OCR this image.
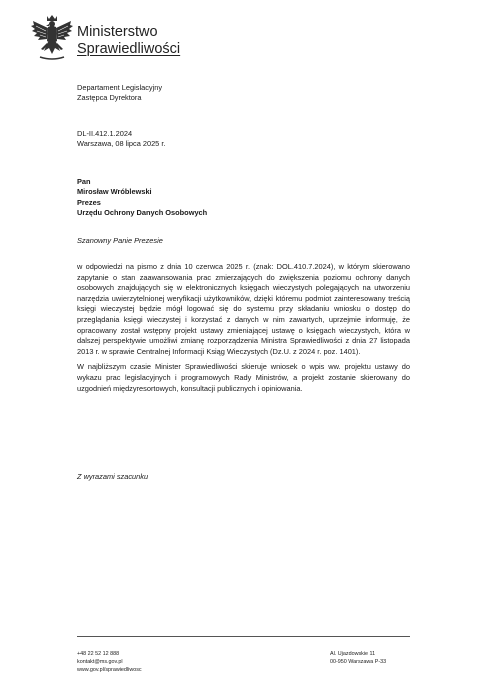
Ministerstwo
Sprawiedliwości
Departament Legislacyjny
Zastępca Dyrektora
DL-II.412.1.2024
Warszawa, 08 lipca 2025 r.
Pan
Mirosław Wróblewski
Prezes
Urzędu Ochrony Danych Osobowych
Szanowny Panie Prezesie

w odpowiedzi na pismo z dnia 10 czerwca 2025 r. (znak: DOL.410.7.2024), w którym skierowano zapytanie o stan zaawansowania prac zmierzających do zwiększenia poziomu ochrony danych osobowych znajdujących się w elektronicznych księgach wieczystych polegających na utworzeniu narzędzia uwierzytelnionej weryfikacji użytkowników, dzięki któremu podmiot zainteresowany treścią księgi wieczystej będzie mógł logować się do systemu przy składaniu wniosku o dostęp do przeglądania księgi wieczystej i korzystać z danych w nim zawartych, uprzejmie informuję, że opracowany został wstępny projekt ustawy zmieniającej ustawę o księgach wieczystych, która w dalszej perspektywie umożliwi zmianę rozporządzenia Ministra Sprawiedliwości z dnia 27 listopada 2013 r. w sprawie Centralnej Informacji Ksiąg Wieczystych (Dz.U. z 2024 r. poz. 1401).

W najbliższym czasie Minister Sprawiedliwości skieruje wniosek o wpis ww. projektu ustawy do wykazu prac legislacyjnych i programowych Rady Ministrów, a projekt zostanie skierowany do uzgodnień międzyresortowych, konsultacji publicznych i opiniowania.

Z wyrazami szacunku
+48 22 52 12 888
kontakt@ms.gov.pl
www.gov.pl/sprawiedliwosc
Al. Ujazdowskie 11
00-950 Warszawa P-33
